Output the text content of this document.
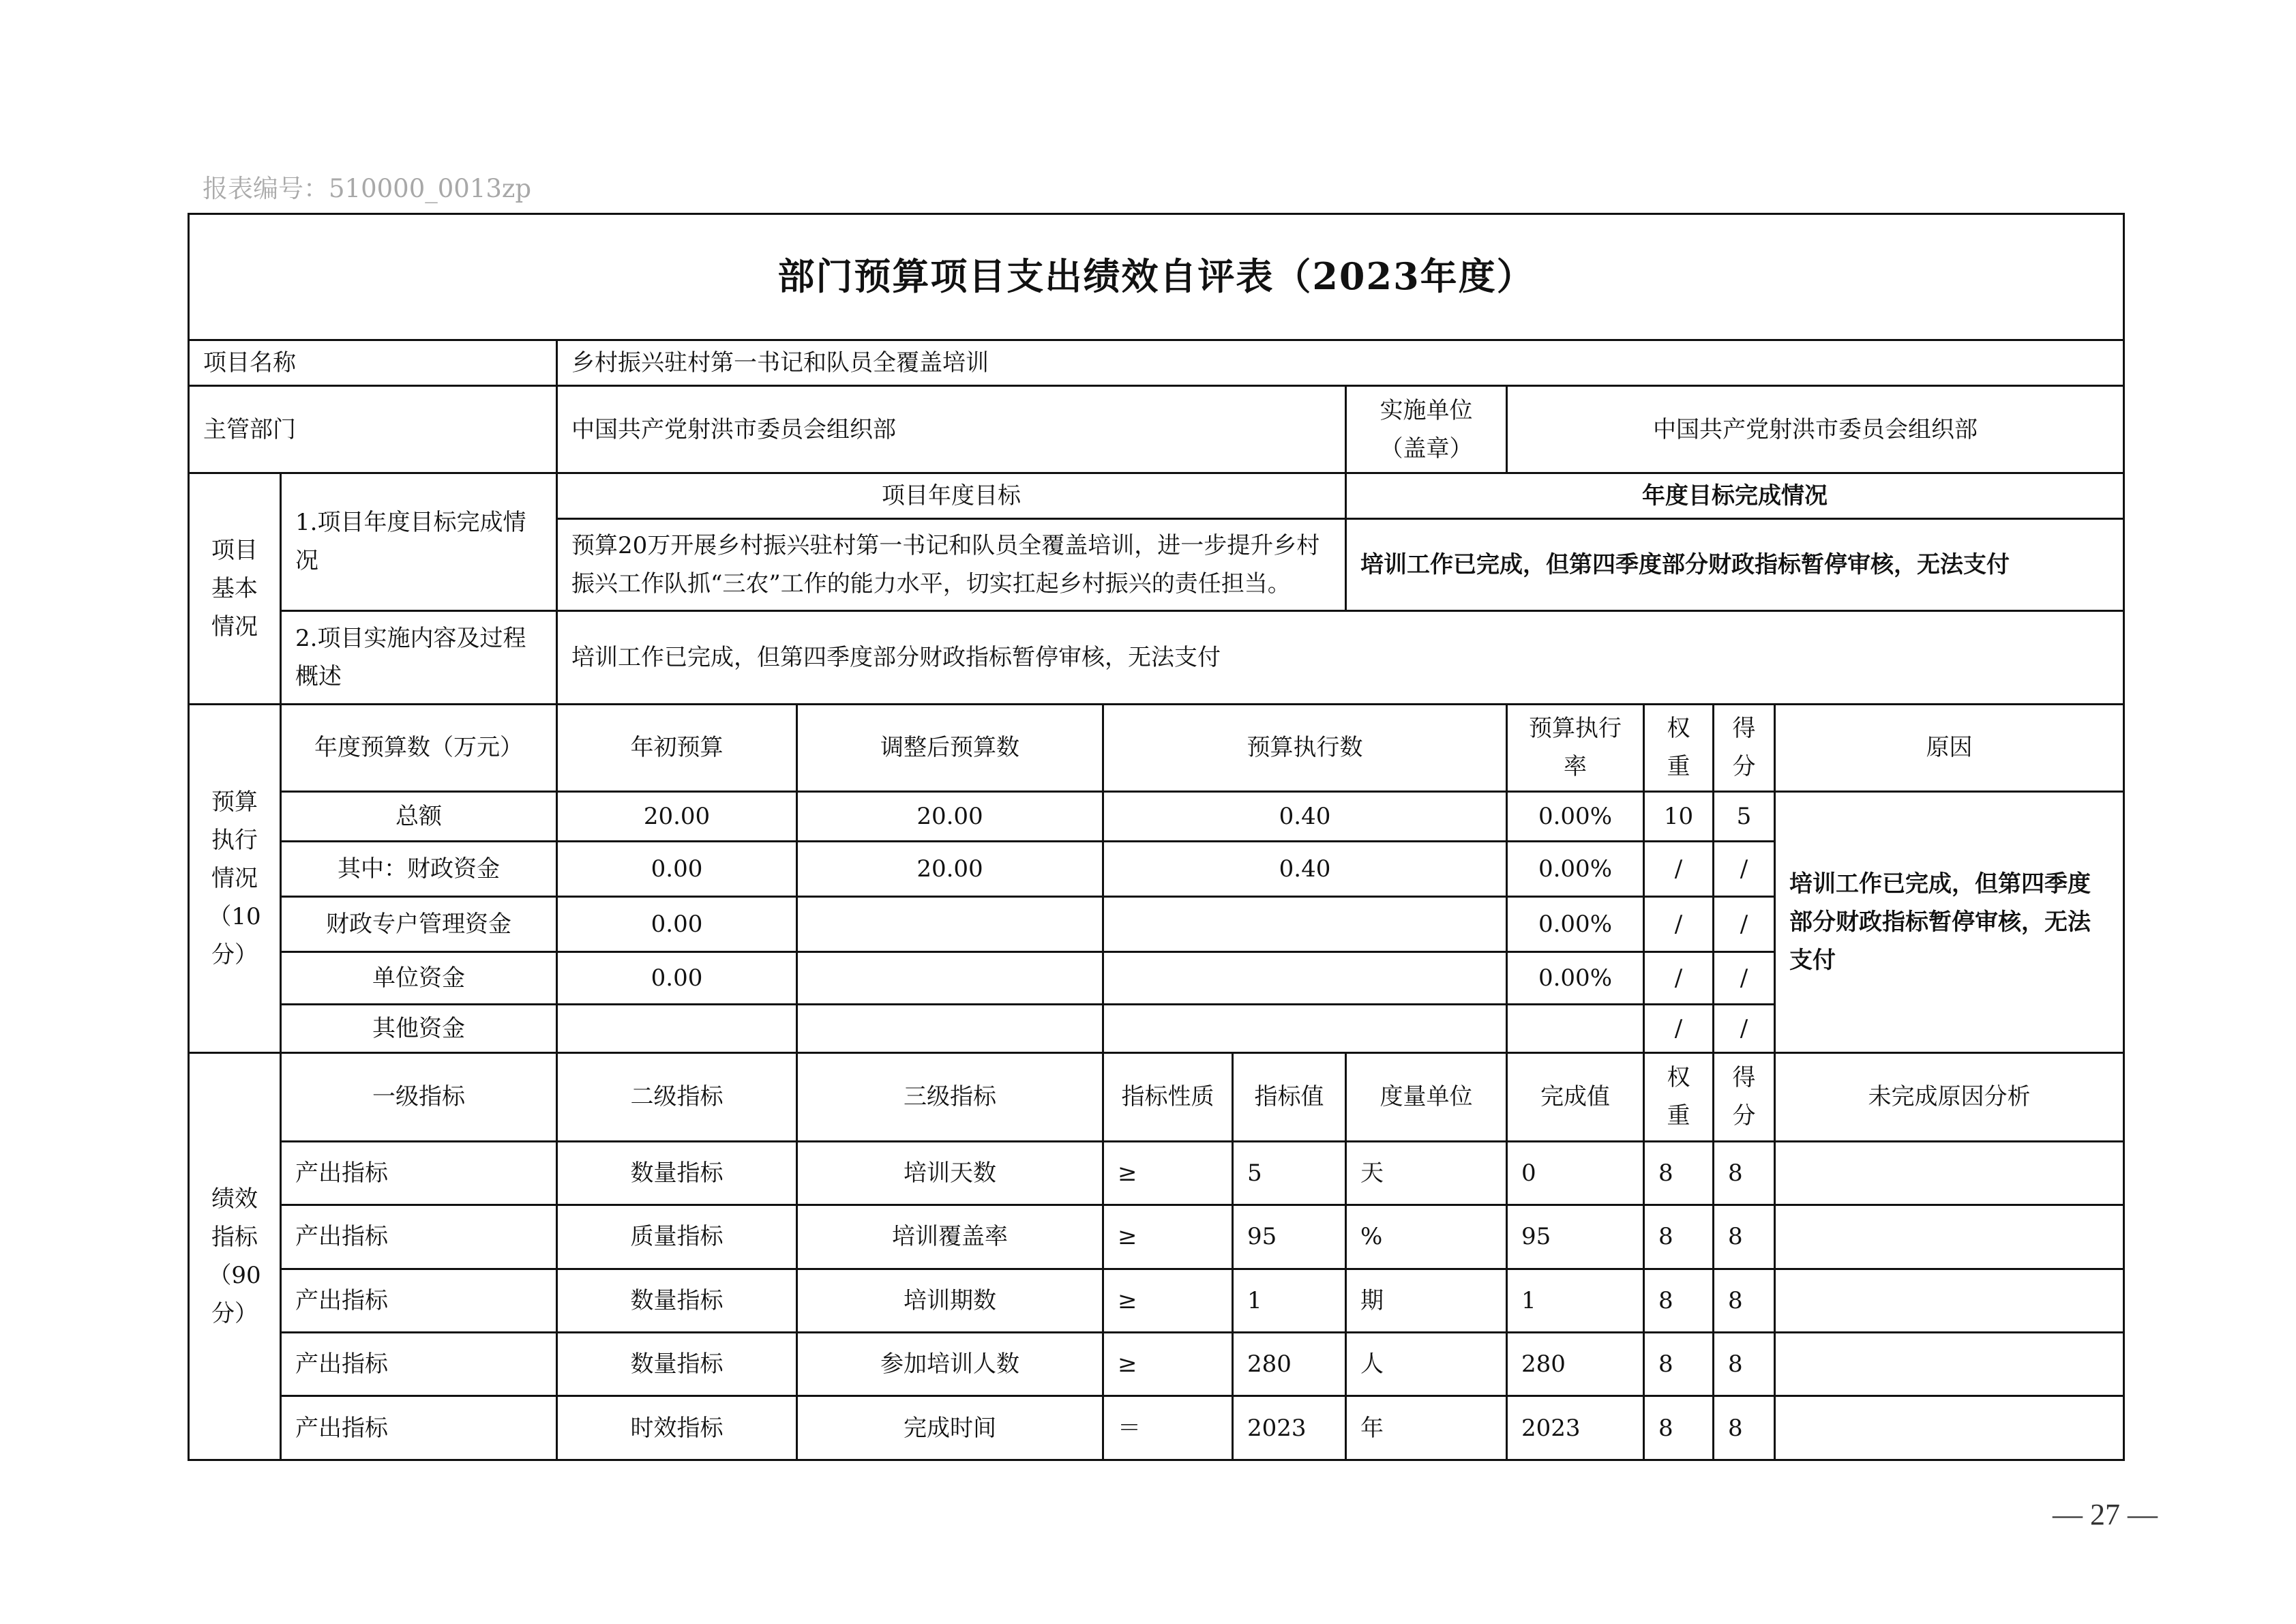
报表编号：510000_0013zp
部门预算项目支出绩效自评表（2023年度）										
项目名称		乡村振兴驻村第一书记和队员全覆盖培训								
主管部门		中国共产党射洪市委员会组织部				实施单位（盖章）	中国共产党射洪市委员会组织部			
项目基本情况	1.项目年度目标完成情况	项目年度目标				年度目标完成情况				
		预算20万开展乡村振兴驻村第一书记和队员全覆盖培训，进一步提升乡村振兴工作队抓“三农”工作的能力水平，切实扛起乡村振兴的责任担当。				培训工作已完成，但第四季度部分财政指标暂停审核，无法支付				

	2.项目实施内容及过程概述	培训工作已完成，但第四季度部分财政指标暂停审核，无法支付								
预算执行情况（10分）	年度预算数（万元）	年初预算	调整后预算数	预算执行数			预算执行率	权重	得分	原因
	总额	20.00	20.00	0.40			0.00%	10	5	培训工作已完成，但第四季度部分财政指标暂停审核，无法支付
	其中：财政资金	0.00	20.00	0.40			0.00%	/	/	
	财政专户管理资金	0.00					0.00%	/	/	
	单位资金	0.00					0.00%	/	/	
	其他资金							/	/	
绩效指标（90分）	一级指标	二级指标	三级指标	指标性质	指标值	度量单位	完成值	权重	得分	未完成原因分析
	产出指标	数量指标	培训天数	≥	5	天	0	8	8	
	产出指标	质量指标	培训覆盖率	≥	95	%	95	8	8	
	产出指标	数量指标	培训期数	≥	1	期	1	8	8	
	产出指标	数量指标	参加培训人数	≥	280	人	280	8	8	
	产出指标	时效指标	完成时间	＝	2023	年	2023	8	8	
— 27 —
